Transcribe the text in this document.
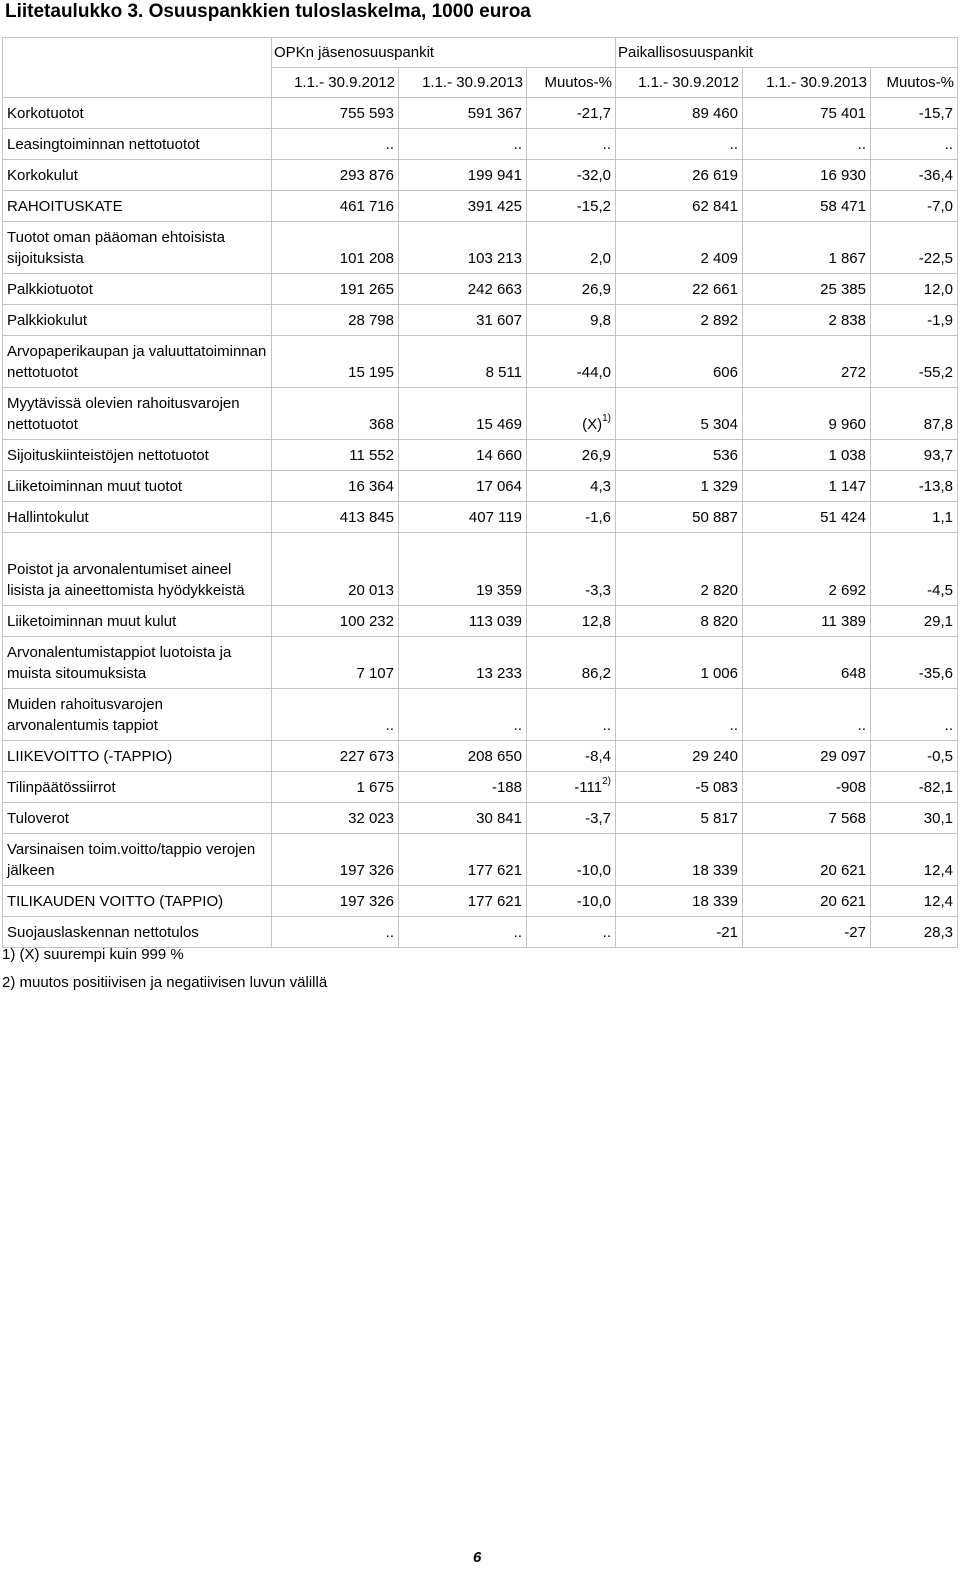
Liitetaulukko 3. Osuuspankkien tuloslaskelma, 1000 euroa
	OPKn jäsenosuuspankit			Paikallisosuuspankit		
	1.1.- 30.9.2012	1.1.- 30.9.2013	Muutos-%	1.1.- 30.9.2012	1.1.- 30.9.2013	Muutos-%
Korkotuotot	755 593	591 367	-21,7	89 460	75 401	-15,7
Leasingtoiminnan nettotuotot	..	..	..	..	..	..
Korkokulut	293 876	199 941	-32,0	26 619	16 930	-36,4
RAHOITUSKATE	461 716	391 425	-15,2	62 841	58 471	-7,0
Tuotot oman pääoman ehtoisista sijoituksista	101 208	103 213	2,0	2 409	1 867	-22,5
Palkkiotuotot	191 265	242 663	26,9	22 661	25 385	12,0
Palkkiokulut	28 798	31 607	9,8	2 892	2 838	-1,9
Arvopaperikaupan ja valuuttatoiminnan nettotuotot	15 195	8 511	-44,0	606	272	-55,2
Myytävissä olevien rahoitusvarojen nettotuotot	368	15 469	$(X)^{1)}$	5 304	9 960	87,8
Sijoituskiinteistöjen nettotuotot	11 552	14 660	26,9	536	1 038	93,7
Liiketoiminnan muut tuotot	16 364	17 064	4,3	1 329	1 147	-13,8
Hallintokulut	413 845	407 119	-1,6	50 887	51 424	1,1
Poistot ja arvonalentumiset aineel lisista ja aineettomista hyödykkeistä	20 013	19 359	-3,3	2 820	2 692	-4,5
Liiketoiminnan muut kulut	100 232	113 039	12,8	8 820	11 389	29,1
Arvonalentumistappiot luotoista ja muista sitoumuksista	7 107	13 233	86,2	1 006	648	-35,6
Muiden rahoitusvarojen arvonalentumis tappiot	..	..	..	..	..	..
LIIKEVOITTO (-TAPPIO)	227 673	208 650	-8,4	29 240	29 097	-0,5
Tilinpäätössiirrot	1 675	-188	-111$^{2)}$	-5 083	-908	-82,1
Tuloverot	32 023	30 841	-3,7	5 817	7 568	30,1
Varsinaisen toim.voitto/tappio verojen jälkeen	197 326	177 621	-10,0	18 339	20 621	12,4
TILIKAUDEN VOITTO (TAPPIO)	197 326	177 621	-10,0	18 339	20 621	12,4
Suojauslaskennan nettotulos	..	..	..	-21	-27	28,3
1) (X) suurempi kuin 999 %
2) muutos positiivisen ja negatiivisen luvun välillä
6
